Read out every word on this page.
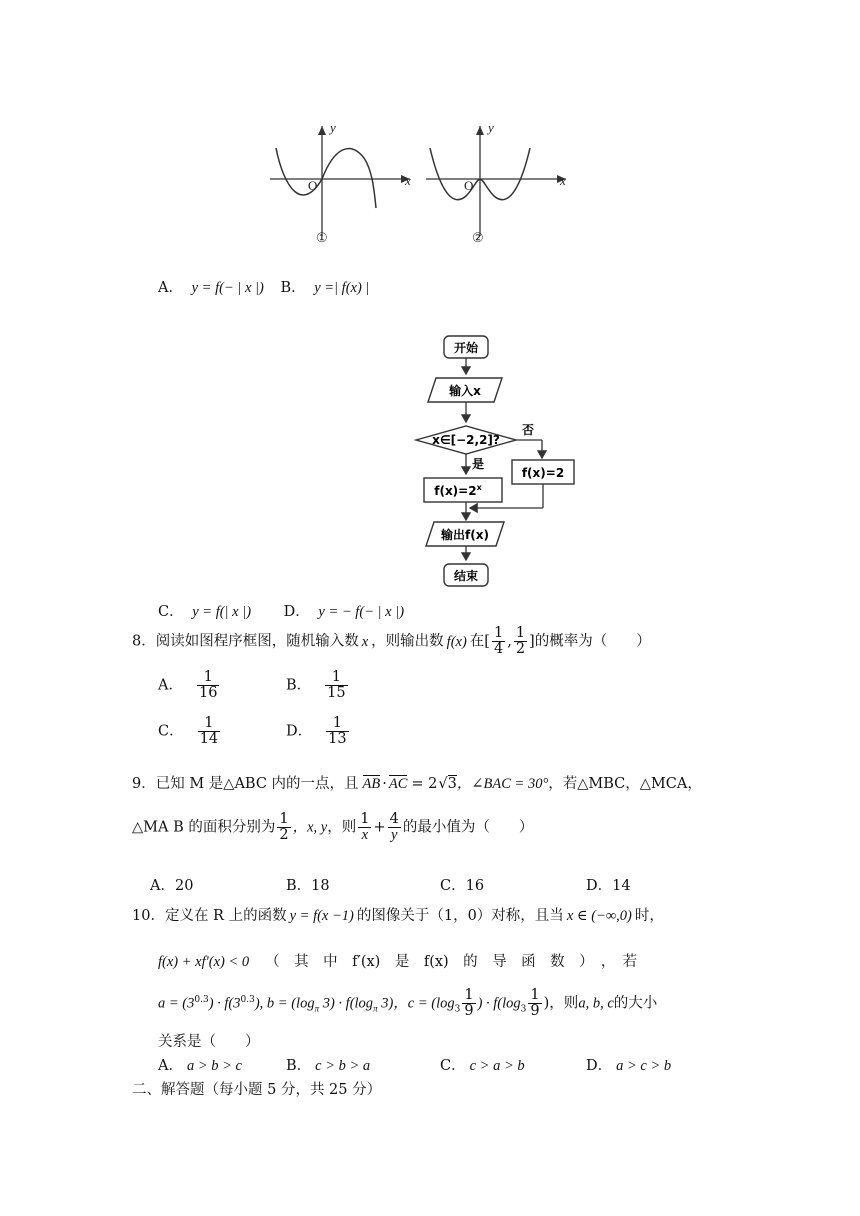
y
x
O
①
y
x
O
②
A． y = f(− | x |) B． y =| f(x) |
开始
输入x
x∈[−2,2]?
否
f(x)=2
是
$f(x)=2^x$
输出f(x)
结束
C． y = f(| x |) D． y = − f(− | x |)
8．阅读如图程序框图，随机输入数 x ，则输出数 f(x) 在[ $\frac{1}{4}$ , $\frac{1}{2}$ ]的概率为（　　）
A． $\frac{1}{16}$	B． $\frac{1}{15}$
C． $\frac{1}{14}$	D． $\frac{1}{13}$
9．已知 M 是△ABC 内的一点，且 AB · AC = 2√3，∠BAC = 30°，若△MBC，△MCA，
△MA B 的面积分别为 $\frac{1}{2}$ ，x, y，则 $\frac{1}{x} + \frac{4}{y}$ 的最小值为（　　）
A．20	B．18	C．16	D．14
10．定义在 R 上的函数 y = f(x −1) 的图像关于（1，0）对称，且当 x ∈ (−∞,0) 时，
f(x) + xf′(x) < 0 （　其　中　f′(x)　是　f(x)　的　导　函　数　）　，　若
$a = (3^{0.3}) \cdot f(3^{0.3})$, $b = (\log_\pi$ $3) \cdot f(\log_\pi$ 3)，$c = (\log_3 \frac{1}{9}$ ) · $f(\log_3 \frac{1}{9}$ )，则a, b, c的大小
关系是（　　）
A． a > b > c	B． c > b > a	C． c > a > b	D． a > c > b
二、解答题（每小题 5 分，共 25 分）
